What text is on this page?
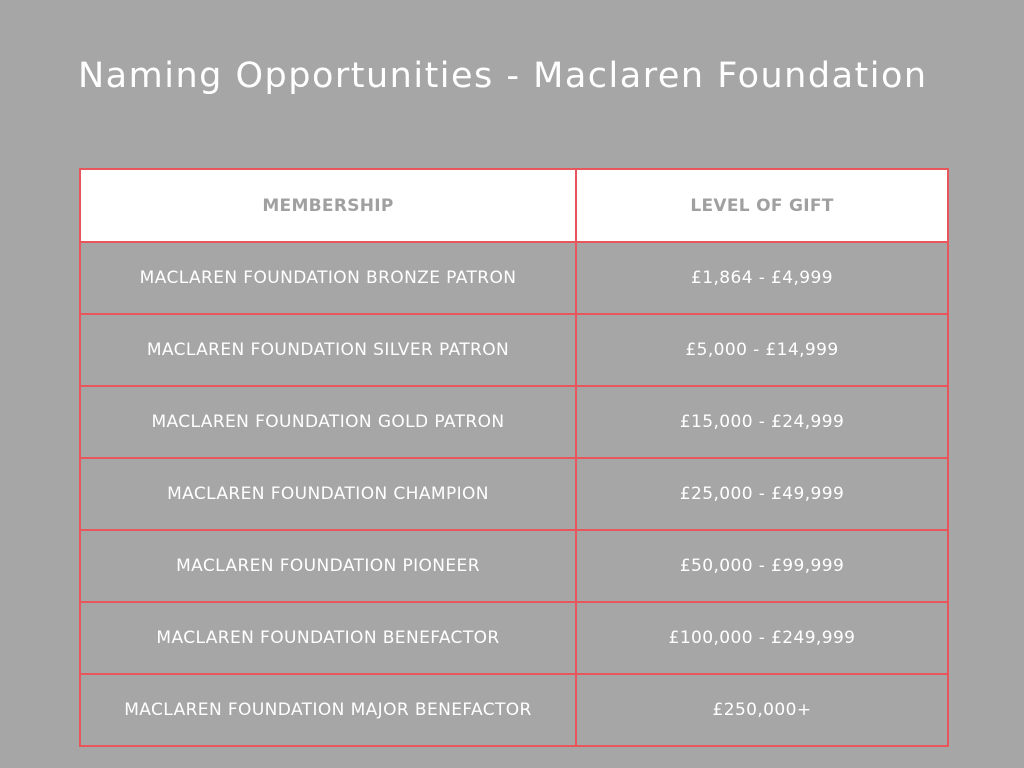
Naming Opportunities - Maclaren Foundation
MEMBERSHIP	LEVEL OF GIFT
MACLAREN FOUNDATION BRONZE PATRON	£1,864 - £4,999
MACLAREN FOUNDATION SILVER PATRON	£5,000 - £14,999
MACLAREN FOUNDATION GOLD PATRON	£15,000 - £24,999
MACLAREN FOUNDATION CHAMPION	£25,000 - £49,999
MACLAREN FOUNDATION PIONEER	£50,000 - £99,999
MACLAREN FOUNDATION BENEFACTOR	£100,000 - £249,999
MACLAREN FOUNDATION MAJOR BENEFACTOR	£250,000+
